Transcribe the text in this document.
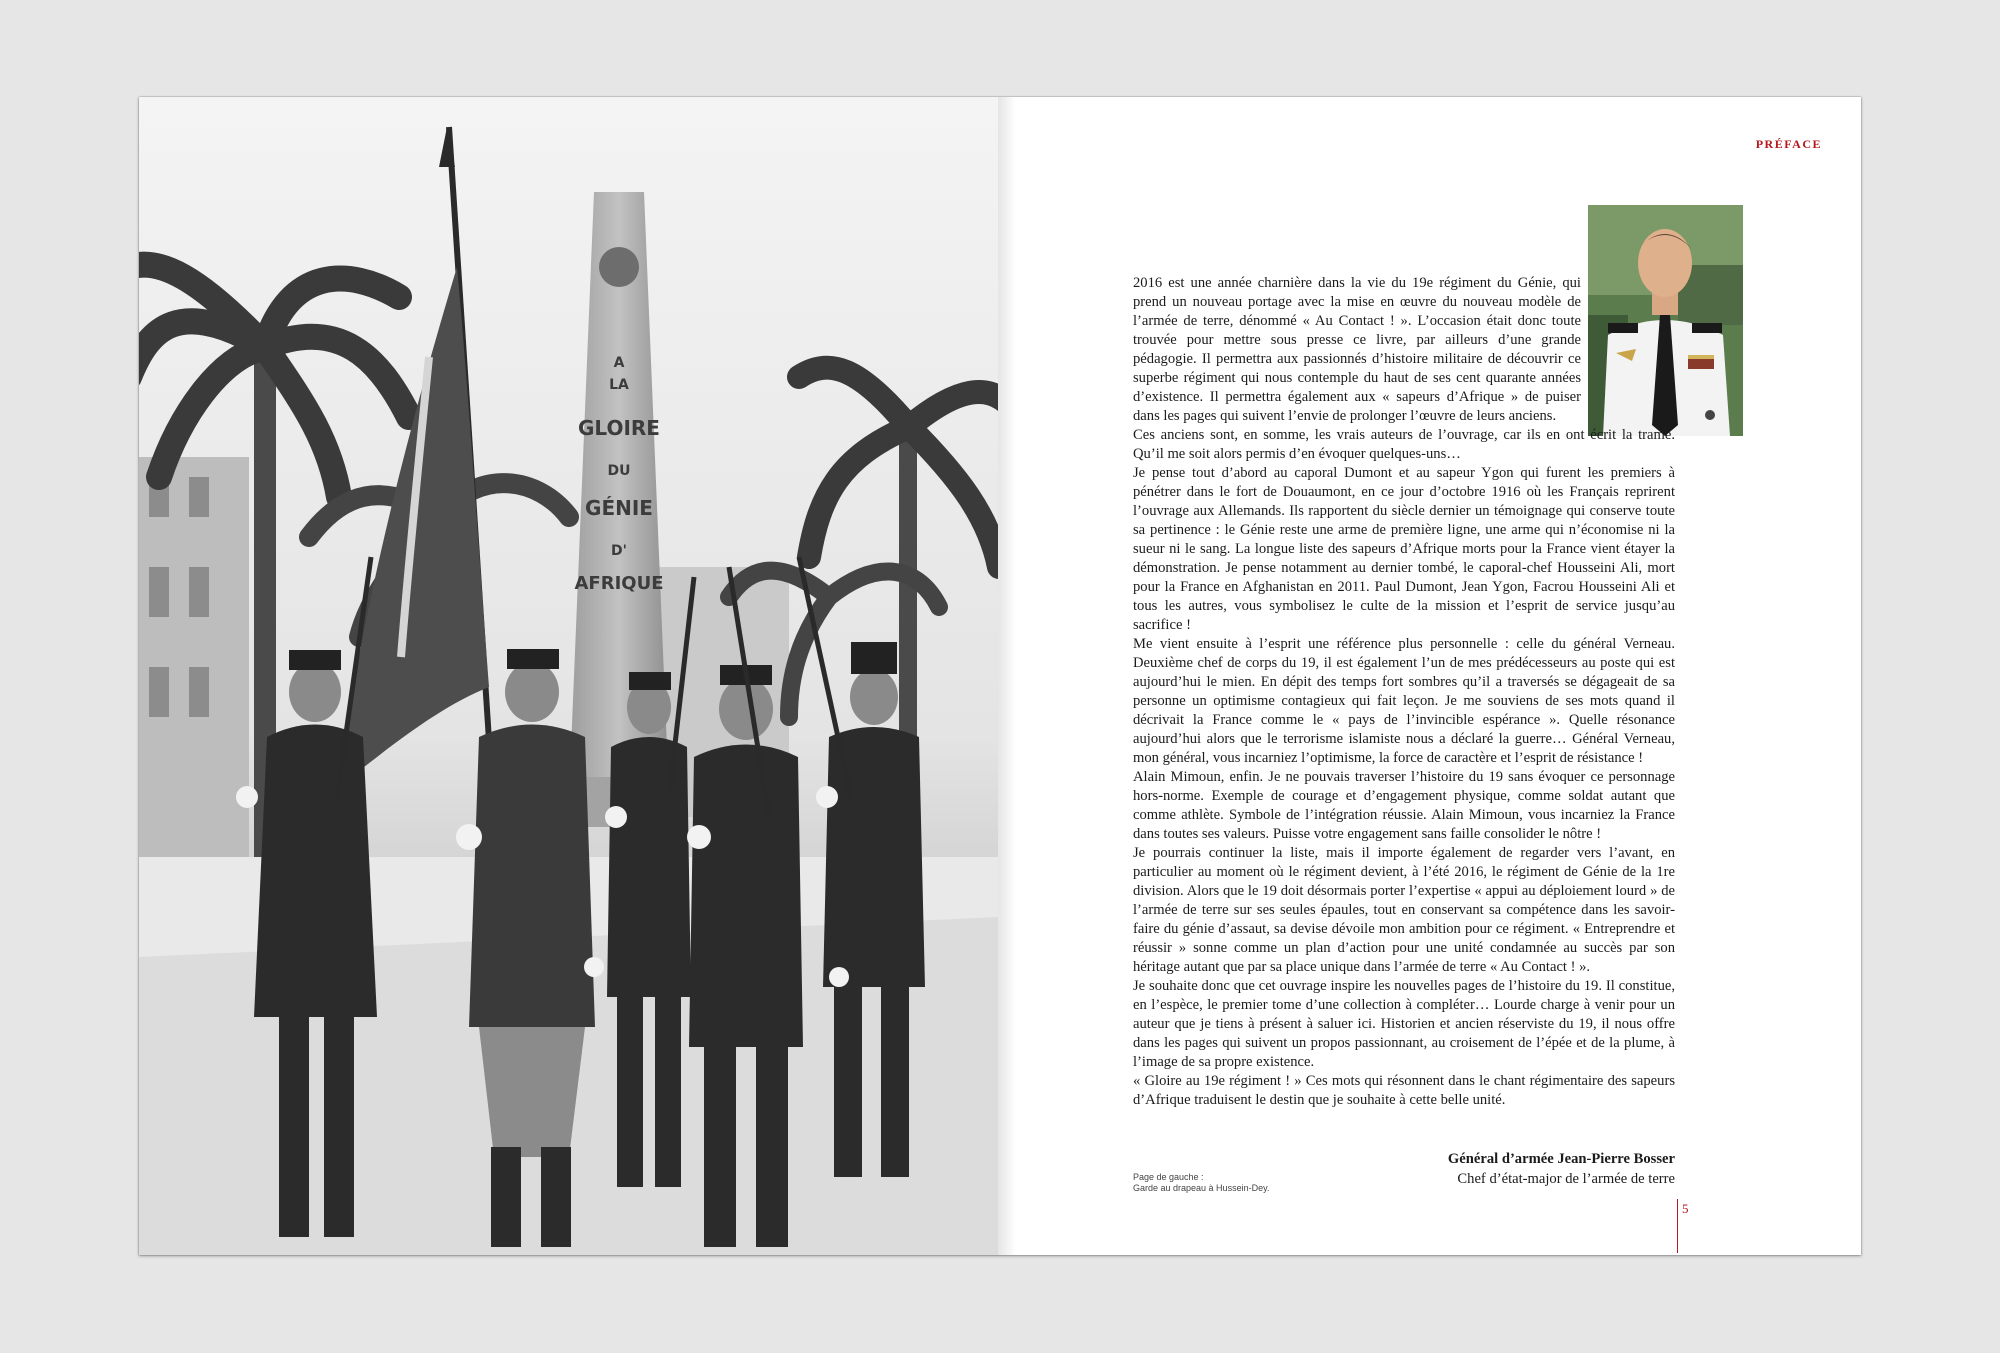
A
LA
GLOIRE
DU
GÉNIE
D'
AFRIQUE
PRÉFACE

2016 est une année charnière dans la vie du 19e régiment du Génie, qui prend un nouveau portage avec la mise en œuvre du nouveau modèle de l’armée de terre, dénommé « Au Contact ! ». L’occasion était donc toute trouvée pour mettre sous presse ce livre, par ailleurs d’une grande pédagogie. Il permettra aux passionnés d’histoire militaire de découvrir ce superbe régiment qui nous contemple du haut de ses cent quarante années d’existence. Il permettra également aux « sapeurs d’Afrique » de puiser dans les pages qui suivent l’envie de prolonger l’œuvre de leurs anciens.

Ces anciens sont, en somme, les vrais auteurs de l’ouvrage, car ils en ont écrit la trame. Qu’il me soit alors permis d’en évoquer quelques-uns…

Je pense tout d’abord au caporal Dumont et au sapeur Ygon qui furent les premiers à pénétrer dans le fort de Douaumont, en ce jour d’octobre 1916 où les Français reprirent l’ouvrage aux Allemands. Ils rapportent du siècle dernier un témoignage qui conserve toute sa pertinence : le Génie reste une arme de première ligne, une arme qui n’économise ni la sueur ni le sang. La longue liste des sapeurs d’Afrique morts pour la France vient étayer la démonstration. Je pense notamment au dernier tombé, le caporal-chef Housseini Ali, mort pour la France en Afghanistan en 2011. Paul Dumont, Jean Ygon, Facrou Housseini Ali et tous les autres, vous symbolisez le culte de la mission et l’esprit de service jusqu’au sacrifice !

Me vient ensuite à l’esprit une référence plus personnelle : celle du général Verneau. Deuxième chef de corps du 19, il est également l’un de mes prédécesseurs au poste qui est aujourd’hui le mien. En dépit des temps fort sombres qu’il a traversés se dégageait de sa personne un optimisme contagieux qui fait leçon. Je me souviens de ses mots quand il décrivait la France comme le « pays de l’invincible espérance ». Quelle résonance aujourd’hui alors que le terrorisme islamiste nous a déclaré la guerre… Général Verneau, mon général, vous incarniez l’optimisme, la force de caractère et l’esprit de résistance !

Alain Mimoun, enfin. Je ne pouvais traverser l’histoire du 19 sans évoquer ce personnage hors-norme. Exemple de courage et d’engagement physique, comme soldat autant que comme athlète. Symbole de l’intégration réussie. Alain Mimoun, vous incarniez la France dans toutes ses valeurs. Puisse votre engagement sans faille consolider le nôtre !

Je pourrais continuer la liste, mais il importe également de regarder vers l’avant, en particulier au moment où le régiment devient, à l’été 2016, le régiment de Génie de la 1re division. Alors que le 19 doit désormais porter l’expertise « appui au déploiement lourd » de l’armée de terre sur ses seules épaules, tout en conservant sa compétence dans les savoir-faire du génie d’assaut, sa devise dévoile mon ambition pour ce régiment. « Entreprendre et réussir » sonne comme un plan d’action pour une unité condamnée au succès par son héritage autant que par sa place unique dans l’armée de terre « Au Contact ! ».

Je souhaite donc que cet ouvrage inspire les nouvelles pages de l’histoire du 19. Il constitue, en l’espèce, le premier tome d’une collection à compléter… Lourde charge à venir pour un auteur que je tiens à présent à saluer ici. Historien et ancien réserviste du 19, il nous offre dans les pages qui suivent un propos passionnant, au croisement de l’épée et de la plume, à l’image de sa propre existence.

« Gloire au 19e régiment ! » Ces mots qui résonnent dans le chant régimentaire des sapeurs d’Afrique traduisent le destin que je souhaite à cette belle unité.

Page de gauche :
Garde au drapeau à Hussein-Dey.
Général d’armée Jean-Pierre Bosser
Chef d’état-major de l’armée de terre
5
